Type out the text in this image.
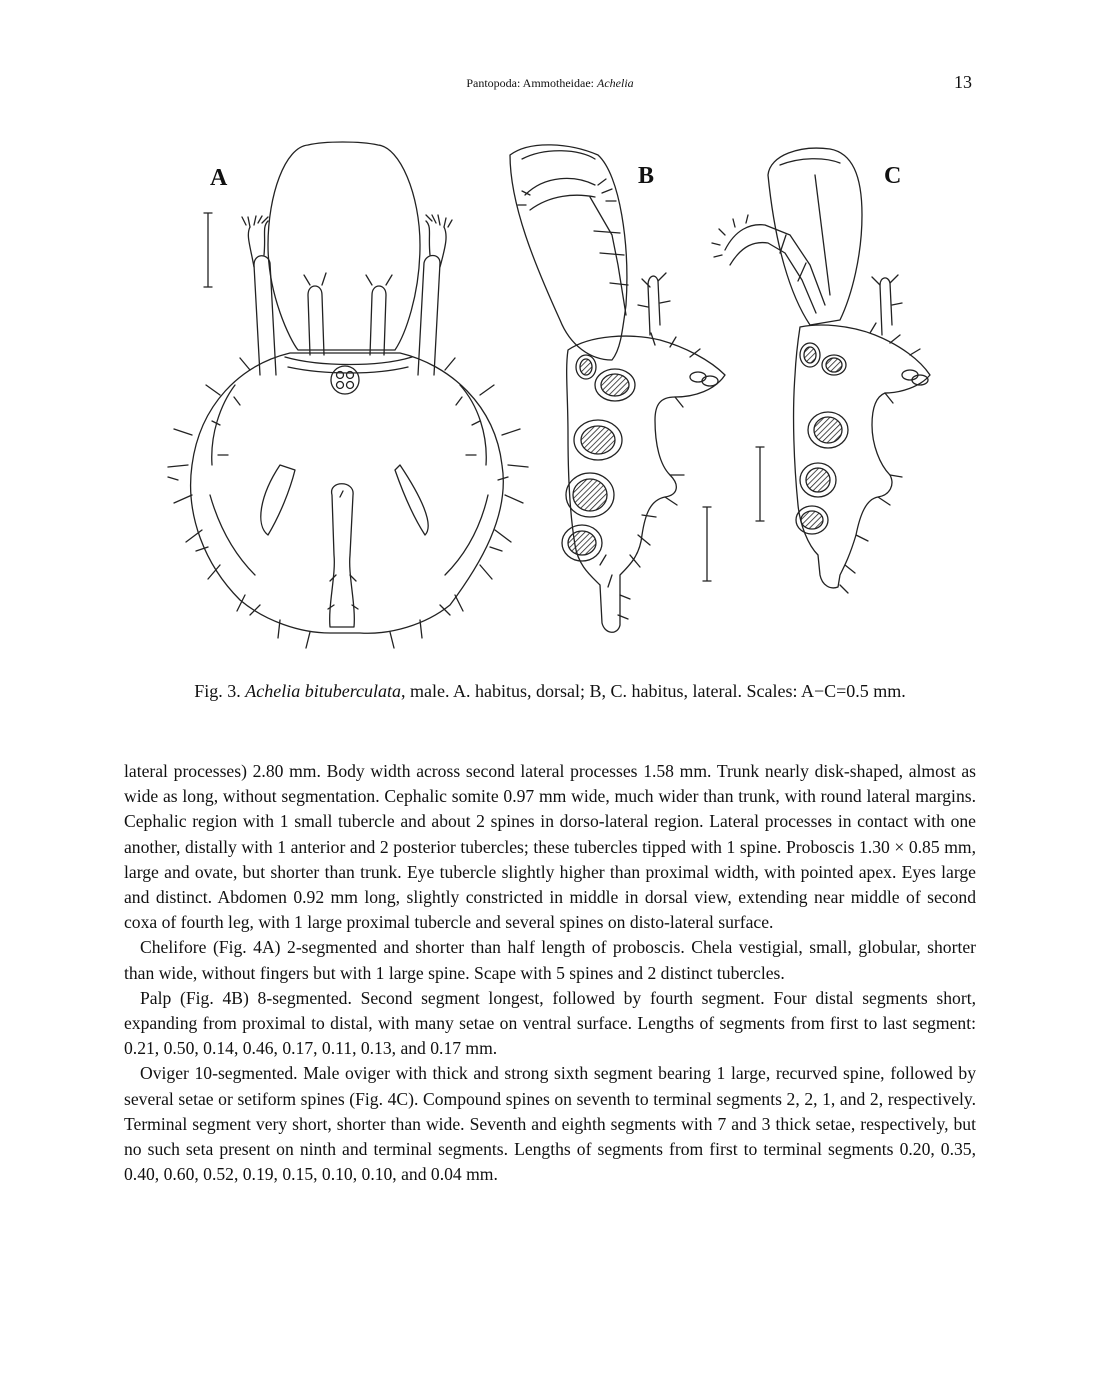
Pantopoda: Ammotheidae: Achelia	13
A	B	C
Fig. 3. Achelia bituberculata, male. A. habitus, dorsal; B, C. habitus, lateral. Scales: A−C=0.5 mm.

lateral processes) 2.80 mm. Body width across second lateral processes 1.58 mm. Trunk nearly disk-shaped, almost as wide as long, without segmentation. Cephalic somite 0.97 mm wide, much wider than trunk, with round lateral margins. Cephalic region with 1 small tubercle and about 2 spines in dorso-lateral region. Lateral processes in contact with one another, distally with 1 anterior and 2 posterior tubercles; these tubercles tipped with 1 spine. Proboscis 1.30 × 0.85 mm, large and ovate, but shorter than trunk. Eye tubercle slightly higher than proximal width, with pointed apex. Eyes large and distinct. Abdomen 0.92 mm long, slightly constricted in middle in dorsal view, extending near middle of second coxa of fourth leg, with 1 large proximal tubercle and several spines on disto-lateral surface.

Chelifore (Fig. 4A) 2-segmented and shorter than half length of proboscis. Chela vestigial, small, globular, shorter than wide, without fingers but with 1 large spine. Scape with 5 spines and 2 distinct tubercles.

Palp (Fig. 4B) 8-segmented. Second segment longest, followed by fourth segment. Four distal segments short, expanding from proximal to distal, with many setae on ventral surface. Lengths of segments from first to last segment: 0.21, 0.50, 0.14, 0.46, 0.17, 0.11, 0.13, and 0.17 mm.

Oviger 10-segmented. Male oviger with thick and strong sixth segment bearing 1 large, recurved spine, followed by several setae or setiform spines (Fig. 4C). Compound spines on seventh to terminal segments 2, 2, 1, and 2, respectively. Terminal segment very short, shorter than wide. Seventh and eighth segments with 7 and 3 thick setae, respectively, but no such seta present on ninth and terminal segments. Lengths of segments from first to terminal segments 0.20, 0.35, 0.40, 0.60, 0.52, 0.19, 0.15, 0.10, 0.10, and 0.04 mm.
